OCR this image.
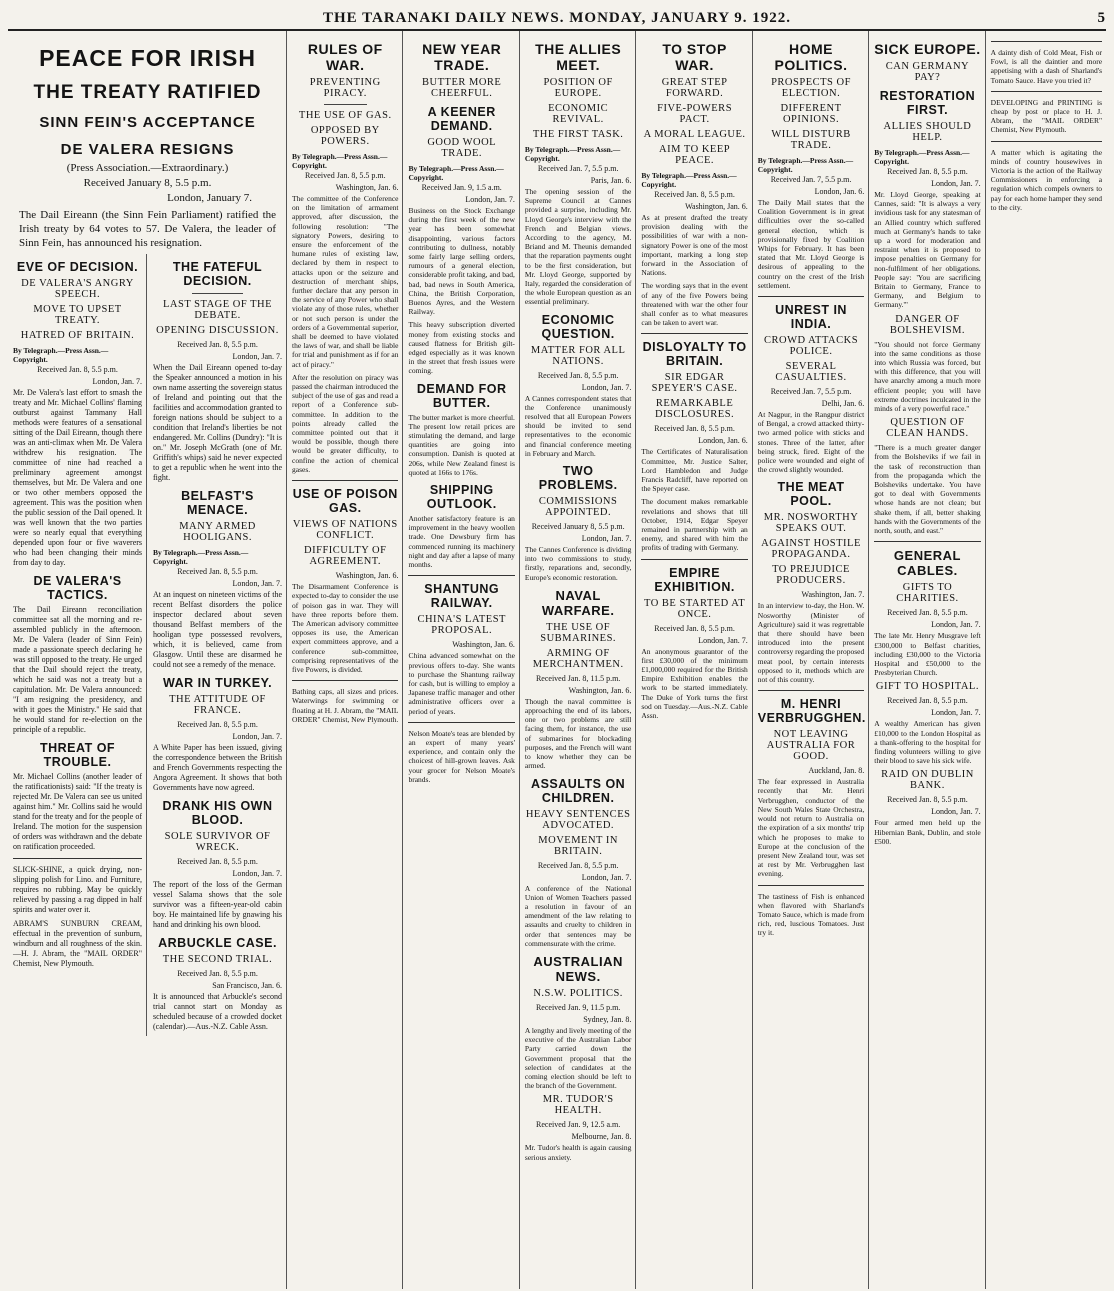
THE TARANAKI DAILY NEWS. MONDAY, JANUARY 9. 1922.	5
PEACE FOR IRISH
THE TREATY RATIFIED
SINN FEIN'S ACCEPTANCE
DE VALERA RESIGNS
(Press Association.—Extraordinary.)
Received January 8, 5.5 p.m.
London, January 7.

The Dail Eireann (the Sinn Fein Parliament) ratified the Irish treaty by 64 votes to 57. De Valera, the leader of Sinn Fein, has announced his resignation.

EVE OF DECISION.
DE VALERA'S ANGRY SPEECH.
MOVE TO UPSET TREATY.
HATRED OF BRITAIN.
By Telegraph.—Press Assn.—Copyright.
Received Jan. 8, 5.5 p.m.
London, Jan. 7.

Mr. De Valera's last effort to smash the treaty and Mr. Michael Collins' flaming outburst against Tammany Hall methods were features of a sensational sitting of the Dail Eireann, though there was an anti-climax when Mr. De Valera withdrew his resignation. The committee of nine had reached a preliminary agreement amongst themselves, but Mr. De Valera and one or two other members opposed the agreement. This was the position when the public session of the Dail opened. It was well known that the two parties were so nearly equal that everything depended upon four or five waverers who had been changing their minds from day to day.

DE VALERA'S TACTICS.

The Dail Eireann reconciliation committee sat all the morning and re-assembled publicly in the afternoon. Mr. De Valera (leader of Sinn Fein) made a passionate speech declaring he was still opposed to the treaty. He urged that the Dail should reject the treaty, which he said was not a treaty but a capitulation. Mr. De Valera announced: "I am resigning the presidency, and with it goes the Ministry." He said that he would stand for re-election on the principle of a republic.

THREAT OF TROUBLE.

Mr. Michael Collins (another leader of the ratificationists) said: "If the treaty is rejected Mr. De Valera can see us united against him." Mr. Collins said he would stand for the treaty and for the people of Ireland. The motion for the suspension of orders was withdrawn and the debate on ratification proceeded.

SLICK-SHINE, a quick drying, non-slipping polish for Lino. and Furniture, requires no rubbing. May be quickly relieved by passing a rag dipped in half spirits and water over it.

ABRAM'S SUNBURN CREAM, effectual in the prevention of sunburn, windburn and all roughness of the skin.—H. J. Abram, the "MAIL ORDER" Chemist, New Plymouth.

THE FATEFUL DECISION.
LAST STAGE OF THE DEBATE.
OPENING DISCUSSION.
Received Jan. 8, 5.5 p.m.
London, Jan. 7.

When the Dail Eireann opened to-day the Speaker announced a motion in his own name asserting the sovereign status of Ireland and pointing out that the facilities and accommodation granted to foreign nations should be subject to a condition that Ireland's liberties be not endangered. Mr. Collins (Dundry): "It is on." Mr. Joseph McGrath (one of Mr. Griffith's whips) said he never expected to get a republic when he went into the fight.

BELFAST'S MENACE.
MANY ARMED HOOLIGANS.
By Telegraph.—Press Assn.—Copyright.
Received Jan. 8, 5.5 p.m.
London, Jan. 7.

At an inquest on nineteen victims of the recent Belfast disorders the police inspector declared about seven thousand Belfast members of the hooligan type possessed revolvers, which, it is believed, came from Glasgow. Until these are disarmed he could not see a remedy of the menace.

WAR IN TURKEY.
THE ATTITUDE OF FRANCE.
Received Jan. 8, 5.5 p.m.
London, Jan. 7.

A White Paper has been issued, giving the correspondence between the British and French Governments respecting the Angora Agreement. It shows that both Governments have now agreed.

DRANK HIS OWN BLOOD.
SOLE SURVIVOR OF WRECK.
Received Jan. 8, 5.5 p.m.
London, Jan. 7.

The report of the loss of the German vessel Salama shows that the sole survivor was a fifteen-year-old cabin boy. He maintained life by gnawing his hand and drinking his own blood.

ARBUCKLE CASE.
THE SECOND TRIAL.
Received Jan. 8, 5.5 p.m.
San Francisco, Jan. 6.

It is announced that Arbuckle's second trial cannot start on Monday as scheduled because of a crowded docket (calendar).—Aus.-N.Z. Cable Assn.

RULES OF WAR.
PREVENTING PIRACY.
THE USE OF GAS.
OPPOSED BY POWERS.
By Telegraph.—Press Assn.—Copyright.
Received Jan. 8, 5.5 p.m.
Washington, Jan. 6.

The committee of the Conference on the limitation of armament approved, after discussion, the following resolution: "The signatory Powers, desiring to ensure the enforcement of the humane rules of existing law, declared by them in respect to attacks upon or the seizure and destruction of merchant ships, further declare that any person in the service of any Power who shall violate any of those rules, whether or not such person is under the orders of a Governmental superior, shall be deemed to have violated the laws of war, and shall be liable for trial and punishment as if for an act of piracy."

After the resolution on piracy was passed the chairman introduced the subject of the use of gas and read a report of a Conference sub-committee. In addition to the points already called the committee pointed out that it would be possible, though there would be greater difficulty, to confine the action of chemical gases.

USE OF POISON GAS.
VIEWS OF NATIONS CONFLICT.
DIFFICULTY OF AGREEMENT.
Washington, Jan. 6.

The Disarmament Conference is expected to-day to consider the use of poison gas in war. They will have three reports before them. The American advisory committee opposes its use, the American expert committees approve, and a conference sub-committee, comprising representatives of the five Powers, is divided.

Bathing caps, all sizes and prices. Waterwings for swimming or floating at H. J. Abram, the "MAIL ORDER" Chemist, New Plymouth.

NEW YEAR TRADE.
BUTTER MORE CHEERFUL.
A KEENER DEMAND.
GOOD WOOL TRADE.
By Telegraph.—Press Assn.—Copyright.
Received Jan. 9, 1.5 a.m.
London, Jan. 7.

Business on the Stock Exchange during the first week of the new year has been somewhat disappointing, various factors contributing to dullness, notably some fairly large selling orders, rumours of a general election, considerable profit taking, and bad, bad, bad news in South America, China, the British Corporation, Buenos Ayres, and the Western Railway.

This heavy subscription diverted money from existing stocks and caused flatness for British gilt-edged especially as it was known in the street that fresh issues were coming.

DEMAND FOR BUTTER.

The butter market is more cheerful. The present low retail prices are stimulating the demand, and large quantities are going into consumption. Danish is quoted at 206s, while New Zealand finest is quoted at 166s to 176s.

SHIPPING OUTLOOK.

Another satisfactory feature is an improvement in the heavy woollen trade. One Dewsbury firm has commenced running its machinery night and day after a lapse of many months.

SHANTUNG RAILWAY.
CHINA'S LATEST PROPOSAL.
Washington, Jan. 6.

China advanced somewhat on the previous offers to-day. She wants to purchase the Shantung railway for cash, but is willing to employ a Japanese traffic manager and other administrative officers over a period of years.

Nelson Moate's teas are blended by an expert of many years' experience, and contain only the choicest of hill-grown leaves. Ask your grocer for Nelson Moate's brands.

THE ALLIES MEET.
POSITION OF EUROPE.
ECONOMIC REVIVAL.
THE FIRST TASK.
By Telegraph.—Press Assn.—Copyright.
Received Jan. 7, 5.5 p.m.
Paris, Jan. 6.

The opening session of the Supreme Council at Cannes provided a surprise, including Mr. Lloyd George's interview with the French and Belgian views. According to the agency, M. Briand and M. Theunis demanded that the reparation payments ought to be the first consideration, but Mr. Lloyd George, supported by Italy, regarded the consideration of the whole European question as an essential preliminary.

ECONOMIC QUESTION.
MATTER FOR ALL NATIONS.
Received Jan. 8, 5.5 p.m.
London, Jan. 7.

A Cannes correspondent states that the Conference unanimously resolved that all European Powers should be invited to send representatives to the economic and financial conference meeting in February and March.

TWO PROBLEMS.
COMMISSIONS APPOINTED.
Received January 8, 5.5 p.m.
London, Jan. 7.

The Cannes Conference is dividing into two commissions to study, firstly, reparations and, secondly, Europe's economic restoration.

NAVAL WARFARE.
THE USE OF SUBMARINES.
ARMING OF MERCHANTMEN.
Received Jan. 8, 11.5 p.m.
Washington, Jan. 6.

Though the naval committee is approaching the end of its labors, one or two problems are still facing them, for instance, the use of submarines for blockading purposes, and the French will want to know whether they can be armed.

ASSAULTS ON CHILDREN.
HEAVY SENTENCES ADVOCATED.
MOVEMENT IN BRITAIN.
Received Jan. 8, 5.5 p.m.
London, Jan. 7.

A conference of the National Union of Women Teachers passed a resolution in favour of an amendment of the law relating to assaults and cruelty to children in order that sentences may be commensurate with the crime.

AUSTRALIAN NEWS.
N.S.W. POLITICS.
Received Jan. 9, 11.5 p.m.
Sydney, Jan. 8.

A lengthy and lively meeting of the executive of the Australian Labor Party carried down the Government proposal that the selection of candidates at the coming election should be left to the branch of the Government.

MR. TUDOR'S HEALTH.
Received Jan. 9, 12.5 a.m.
Melbourne, Jan. 8.

Mr. Tudor's health is again causing serious anxiety.

TO STOP WAR.
GREAT STEP FORWARD.
FIVE-POWERS PACT.
A MORAL LEAGUE.
AIM TO KEEP PEACE.
By Telegraph.—Press Assn.—Copyright.
Received Jan. 8, 5.5 p.m.
Washington, Jan. 6.

As at present drafted the treaty provision dealing with the possibilities of war with a non-signatory Power is one of the most important, marking a long step forward in the Association of Nations.

The wording says that in the event of any of the five Powers being threatened with war the other four shall confer as to what measures can be taken to avert war.

DISLOYALTY TO BRITAIN.
SIR EDGAR SPEYER'S CASE.
REMARKABLE DISCLOSURES.
Received Jan. 8, 5.5 p.m.
London, Jan. 6.

The Certificates of Naturalisation Committee, Mr. Justice Salter, Lord Hambledon and Judge Francis Radcliff, have reported on the Speyer case.

The document makes remarkable revelations and shows that till October, 1914, Edgar Speyer remained in partnership with an enemy, and shared with him the profits of trading with Germany.

EMPIRE EXHIBITION.
TO BE STARTED AT ONCE.
Received Jan. 8, 5.5 p.m.
London, Jan. 7.

An anonymous guarantor of the first £30,000 of the minimum £1,000,000 required for the British Empire Exhibition enables the work to be started immediately. The Duke of York turns the first sod on Tuesday.—Aus.-N.Z. Cable Assn.

HOME POLITICS.
PROSPECTS OF ELECTION.
DIFFERENT OPINIONS.
WILL DISTURB TRADE.
By Telegraph.—Press Assn.—Copyright.
Received Jan. 7, 5.5 p.m.
London, Jan. 6.

The Daily Mail states that the Coalition Government is in great difficulties over the so-called general election, which is provisionally fixed by Coalition Whips for February. It has been stated that Mr. Lloyd George is desirous of appealing to the country on the crest of the Irish settlement.

UNREST IN INDIA.
CROWD ATTACKS POLICE.
SEVERAL CASUALTIES.
Received Jan. 7, 5.5 p.m.
Delhi, Jan. 6.

At Nagpur, in the Rangpur district of Bengal, a crowd attacked thirty-two armed police with sticks and stones. Three of the latter, after being struck, fired. Eight of the police were wounded and eight of the crowd slightly wounded.

THE MEAT POOL.
MR. NOSWORTHY SPEAKS OUT.
AGAINST HOSTILE PROPAGANDA.
TO PREJUDICE PRODUCERS.
Washington, Jan. 7.

In an interview to-day, the Hon. W. Nosworthy (Minister of Agriculture) said it was regrettable that there should have been introduced into the present controversy regarding the proposed meat pool, by certain interests opposed to it, methods which are not of this country.

M. HENRI VERBRUGGHEN.
NOT LEAVING AUSTRALIA FOR GOOD.
Auckland, Jan. 8.

The fear expressed in Australia recently that Mr. Henri Verbrugghen, conductor of the New South Wales State Orchestra, would not return to Australia on the expiration of a six months' trip which he proposes to make to Europe at the conclusion of the present New Zealand tour, was set at rest by Mr. Verbrugghen last evening.

The tastiness of Fish is enhanced when flavored with Sharland's Tomato Sauce, which is made from rich, red, luscious Tomatoes. Just try it.

SICK EUROPE.
CAN GERMANY PAY?
RESTORATION FIRST.
ALLIES SHOULD HELP.
By Telegraph.—Press Assn.—Copyright.
Received Jan. 8, 5.5 p.m.
London, Jan. 7.

Mr. Lloyd George, speaking at Cannes, said: "It is always a very invidious task for any statesman of an Allied country which suffered much at Germany's hands to take up a word for moderation and restraint when it is proposed to impose penalties on Germany for non-fulfilment of her obligations. People say: 'You are sacrificing Britain to Germany, France to Germany, and Belgium to Germany.'"

DANGER OF BOLSHEVISM.

"You should not force Germany into the same conditions as those into which Russia was forced, but with this difference, that you will have anarchy among a much more efficient people; you will have extreme doctrines inculcated in the minds of a very powerful race."

QUESTION OF CLEAN HANDS.

"There is a much greater danger from the Bolsheviks if we fail in the task of reconstruction than from the propaganda which the Bolsheviks undertake. You have got to deal with Governments whose hands are not clean; but shake them, if all, better shaking hands with the Governments of the north, south, and east."

GENERAL CABLES.
GIFTS TO CHARITIES.
Received Jan. 8, 5.5 p.m.
London, Jan. 7.

The late Mr. Henry Musgrave left £300,000 to Belfast charities, including £30,000 to the Victoria Hospital and £50,000 to the Presbyterian Church.

GIFT TO HOSPITAL.
Received Jan. 8, 5.5 p.m.
London, Jan. 7.

A wealthy American has given £10,000 to the London Hospital as a thank-offering to the hospital for finding volunteers willing to give their blood to save his sick wife.

RAID ON DUBLIN BANK.
Received Jan. 8, 5.5 p.m.
London, Jan. 7.

Four armed men held up the Hibernian Bank, Dublin, and stole £500.

A dainty dish of Cold Meat, Fish or Fowl, is all the daintier and more appetising with a dash of Sharland's Tomato Sauce. Have you tried it?

DEVELOPING and PRINTING is cheap by post or place to H. J. Abram, the "MAIL ORDER" Chemist, New Plymouth.

A matter which is agitating the minds of country housewives in Victoria is the action of the Railway Commissioners in enforcing a regulation which compels owners to pay for each home hamper they send to the city.
